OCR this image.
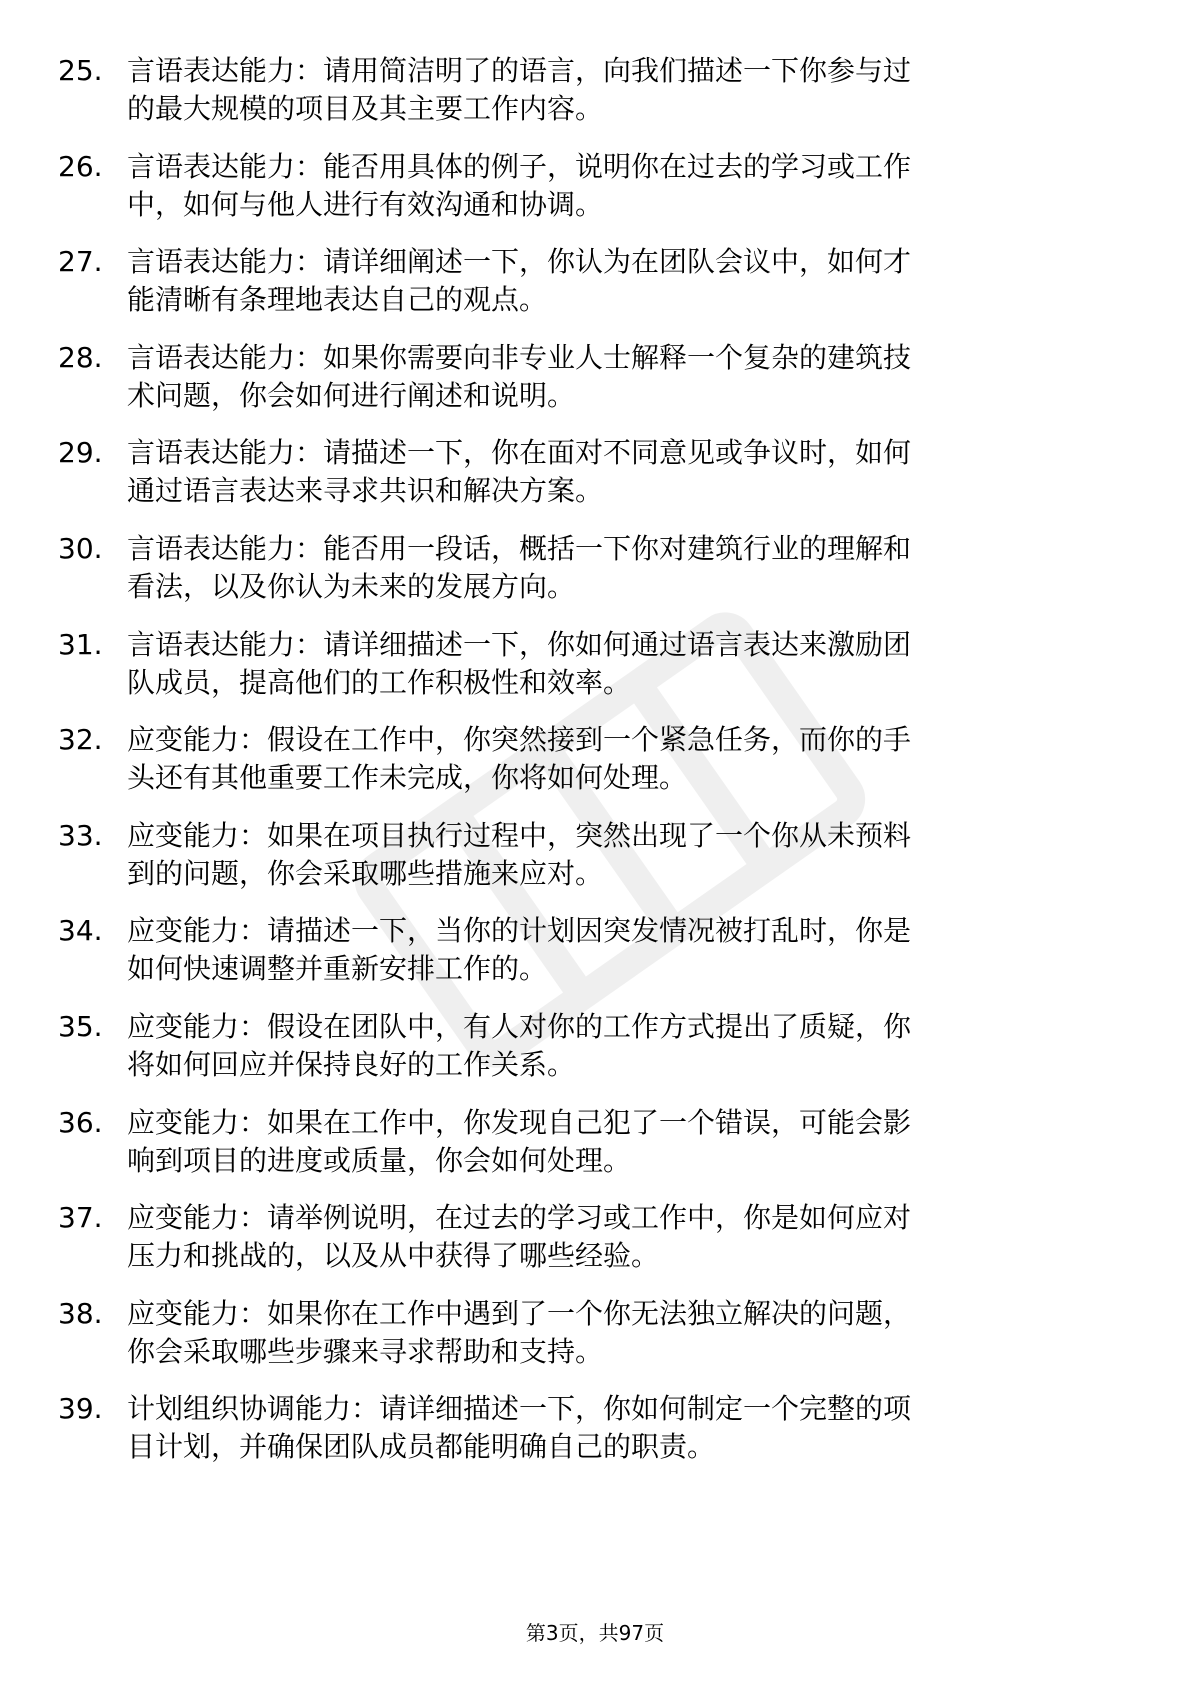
25. 言语表达能力：请用简洁明了的语言，向我们描述一下你参与过
的最大规模的项目及其主要工作内容。
26. 言语表达能力：能否用具体的例子，说明你在过去的学习或工作
中，如何与他人进行有效沟通和协调。
27. 言语表达能力：请详细阐述一下，你认为在团队会议中，如何才
能清晰有条理地表达自己的观点。
28. 言语表达能力：如果你需要向非专业人士解释一个复杂的建筑技
术问题，你会如何进行阐述和说明。
29. 言语表达能力：请描述一下，你在面对不同意见或争议时，如何
通过语言表达来寻求共识和解决方案。
30. 言语表达能力：能否用一段话，概括一下你对建筑行业的理解和
看法，以及你认为未来的发展方向。
31. 言语表达能力：请详细描述一下，你如何通过语言表达来激励团
队成员，提高他们的工作积极性和效率。
32. 应变能力：假设在工作中，你突然接到一个紧急任务，而你的手
头还有其他重要工作未完成，你将如何处理。
33. 应变能力：如果在项目执行过程中，突然出现了一个你从未预料
到的问题，你会采取哪些措施来应对。
34. 应变能力：请描述一下，当你的计划因突发情况被打乱时，你是
如何快速调整并重新安排工作的。
35. 应变能力：假设在团队中，有人对你的工作方式提出了质疑，你
将如何回应并保持良好的工作关系。
36. 应变能力：如果在工作中，你发现自己犯了一个错误，可能会影
响到项目的进度或质量，你会如何处理。
37. 应变能力：请举例说明，在过去的学习或工作中，你是如何应对
压力和挑战的，以及从中获得了哪些经验。
38. 应变能力：如果你在工作中遇到了一个你无法独立解决的问题，
你会采取哪些步骤来寻求帮助和支持。
39. 计划组织协调能力：请详细描述一下，你如何制定一个完整的项
目计划，并确保团队成员都能明确自己的职责。
第3页，共97页
